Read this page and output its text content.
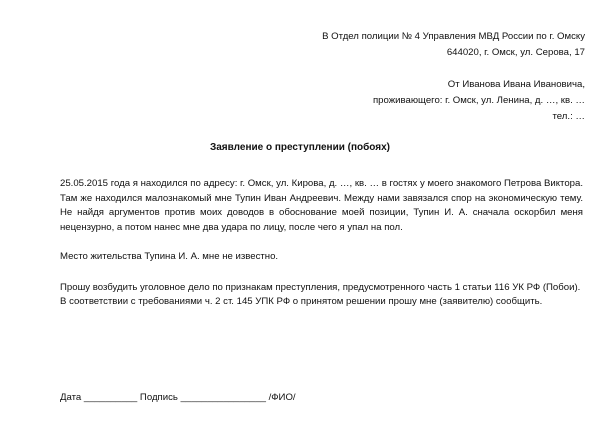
В Отдел полиции № 4 Управления МВД России по г. Омску
644020, г. Омск, ул. Серова, 17
От Иванова Ивана Ивановича,
проживающего: г. Омск, ул. Ленина, д. …, кв. …
тел.: …
Заявление о преступлении (побоях)

25.05.2015 года я находился по адресу: г. Омск, ул. Кирова, д. …, кв. … в гостях у моего знакомого Петрова Виктора. Там же находился малознакомый мне Тупин Иван Андреевич. Между нами завязался спор на экономическую тему. Не найдя аргументов против моих доводов в обоснование моей позиции, Тупин И. А. сначала оскорбил меня нецензурно, а потом нанес мне два удара по лицу, после чего я упал на пол.

Место жительства Тупина И. А. мне не известно.

Прошу возбудить уголовное дело по признакам преступления, предусмотренного часть 1 статьи 116 УК РФ (Побои).

В соответствии с требованиями ч. 2 ст. 145 УПК РФ о принятом решении прошу мне (заявителю) сообщить.

Дата __________ Подпись ________________ /ФИО/
